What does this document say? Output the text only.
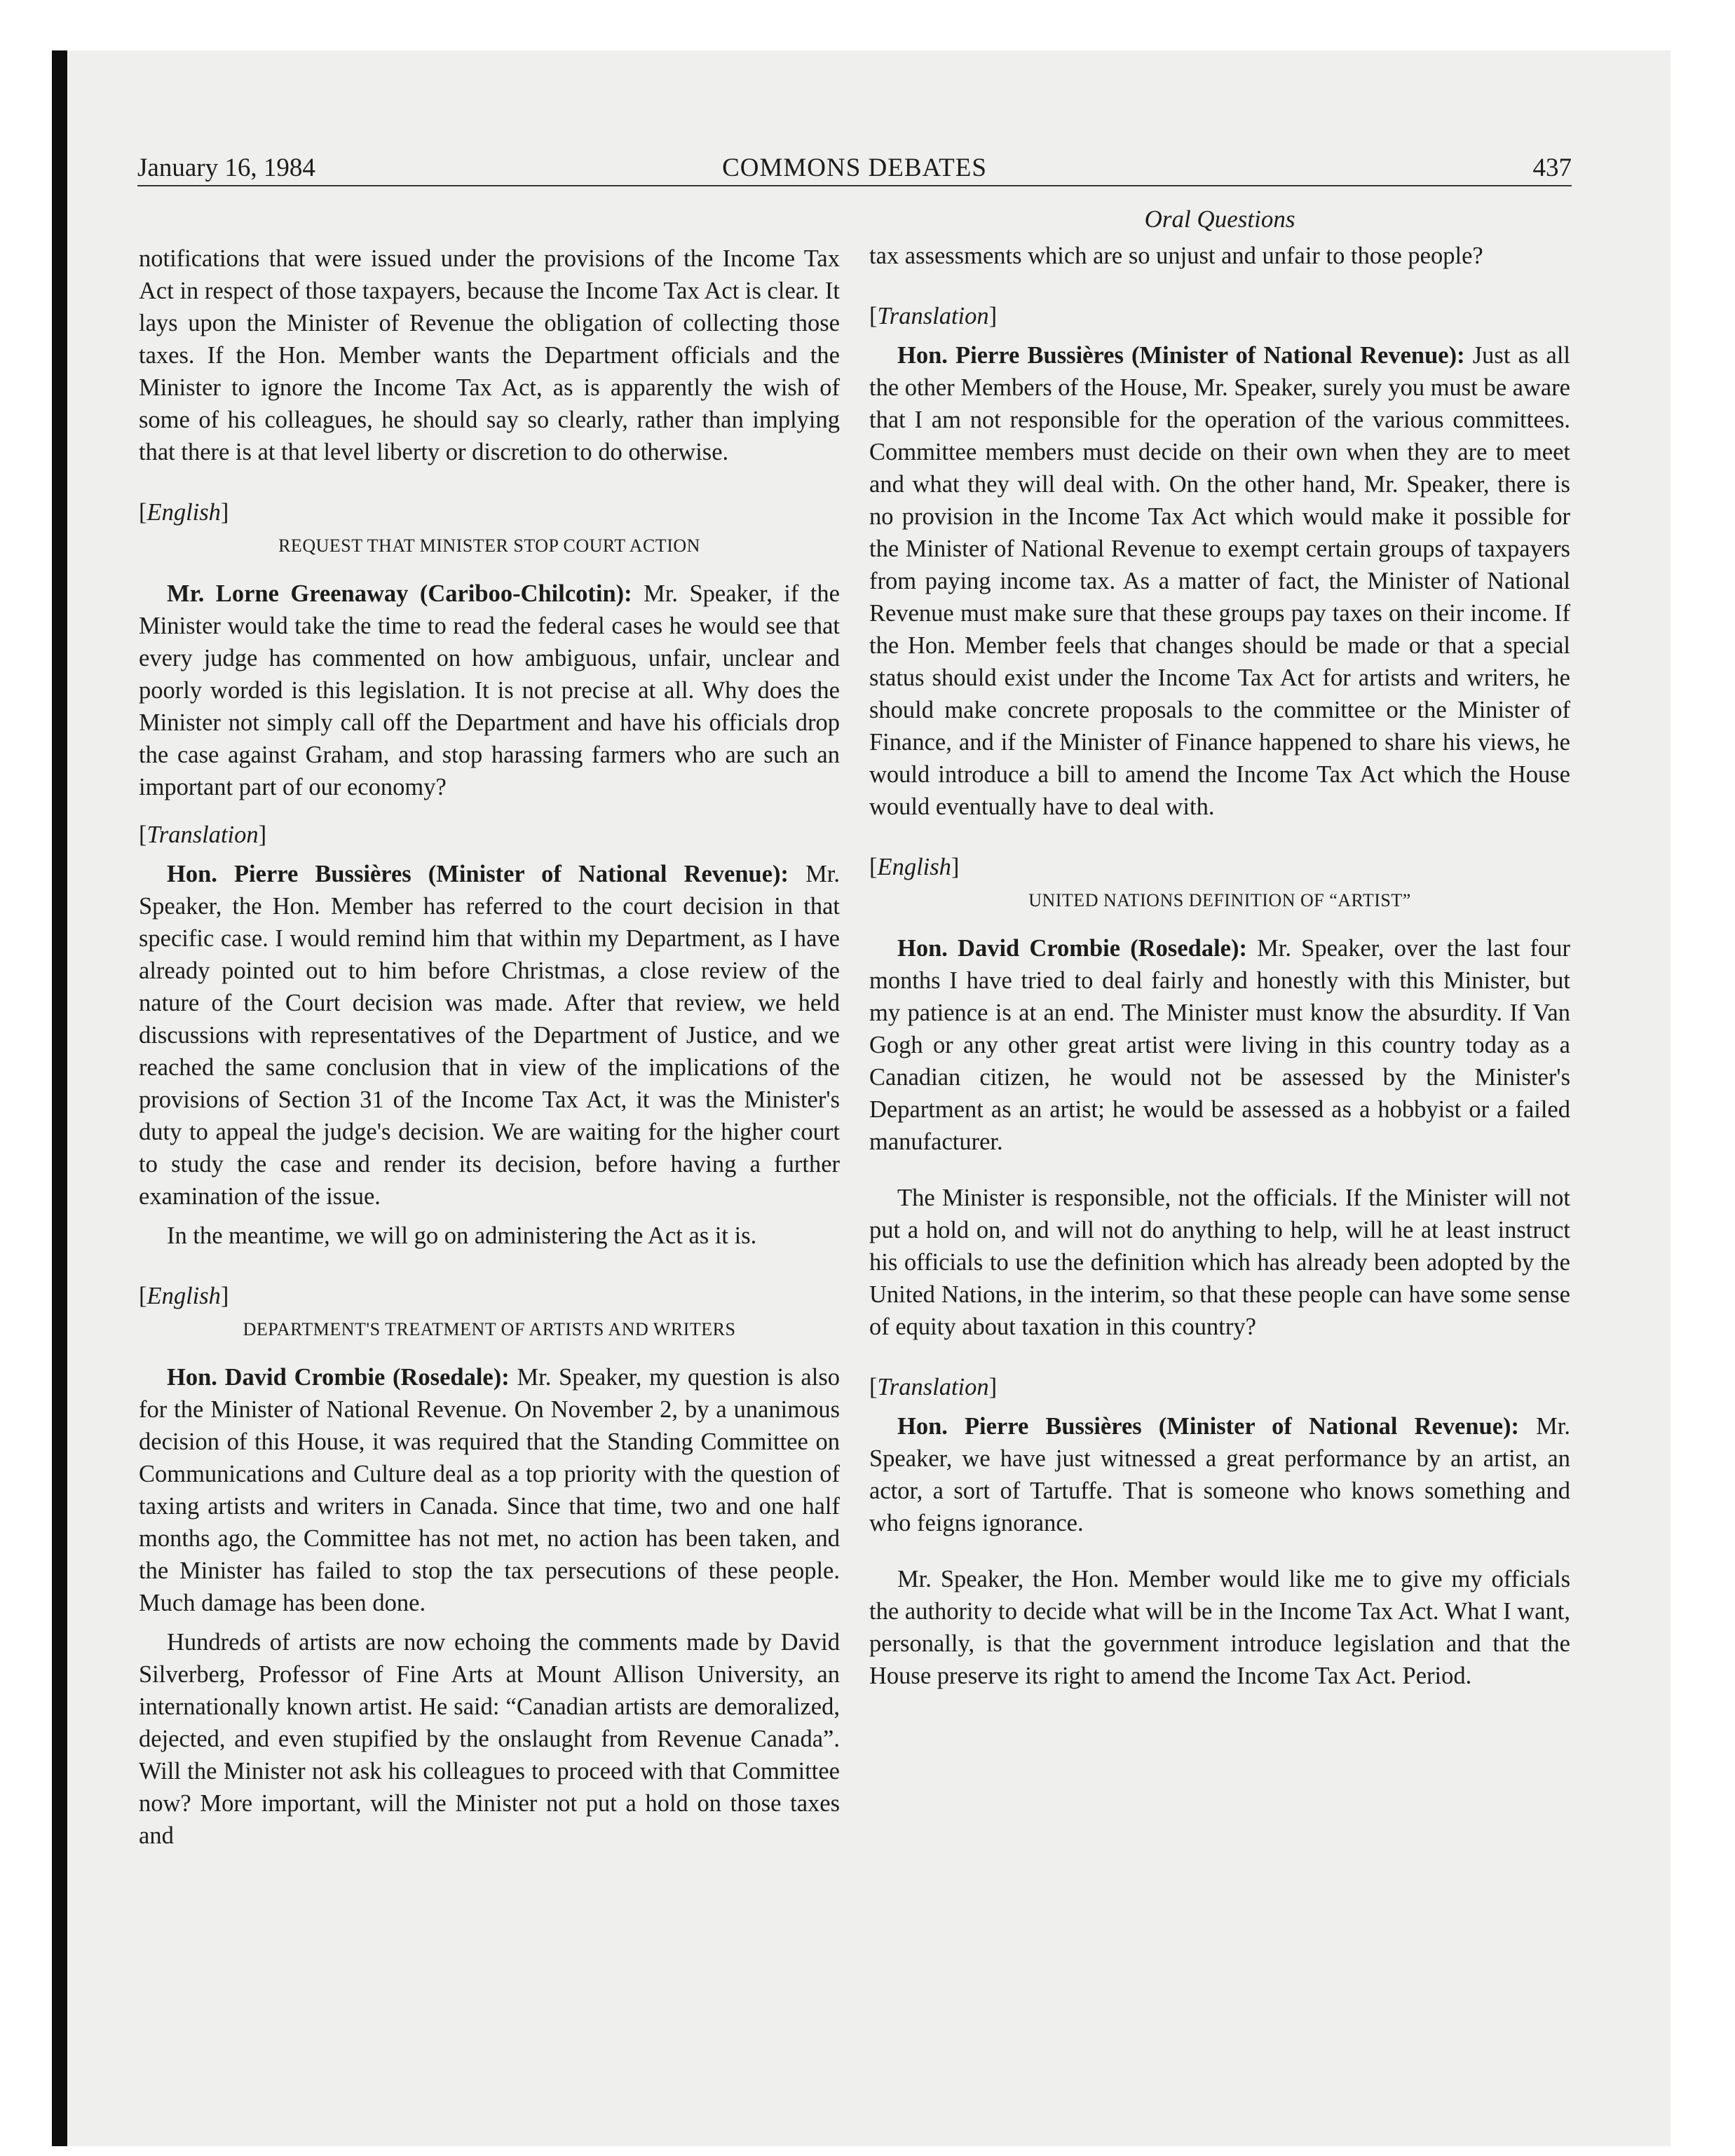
January 16, 1984	COMMONS DEBATES	437

notifications that were issued under the provisions of the Income Tax Act in respect of those taxpayers, because the Income Tax Act is clear. It lays upon the Minister of Revenue the obligation of collecting those taxes. If the Hon. Member wants the Department officials and the Minister to ignore the Income Tax Act, as is apparently the wish of some of his colleagues, he should say so clearly, rather than implying that there is at that level liberty or discretion to do otherwise.

[English]
REQUEST THAT MINISTER STOP COURT ACTION

Mr. Lorne Greenaway (Cariboo-Chilcotin): Mr. Speaker, if the Minister would take the time to read the federal cases he would see that every judge has commented on how ambiguous, unfair, unclear and poorly worded is this legislation. It is not precise at all. Why does the Minister not simply call off the Department and have his officials drop the case against Graham, and stop harassing farmers who are such an important part of our economy?

[Translation]

Hon. Pierre Bussières (Minister of National Revenue): Mr. Speaker, the Hon. Member has referred to the court decision in that specific case. I would remind him that within my Department, as I have already pointed out to him before Christmas, a close review of the nature of the Court decision was made. After that review, we held discussions with representatives of the Department of Justice, and we reached the same conclusion that in view of the implications of the provisions of Section 31 of the Income Tax Act, it was the Minister's duty to appeal the judge's decision. We are waiting for the higher court to study the case and render its decision, before having a further examination of the issue.

In the meantime, we will go on administering the Act as it is.

[English]
DEPARTMENT'S TREATMENT OF ARTISTS AND WRITERS

Hon. David Crombie (Rosedale): Mr. Speaker, my question is also for the Minister of National Revenue. On November 2, by a unanimous decision of this House, it was required that the Standing Committee on Communications and Culture deal as a top priority with the question of taxing artists and writers in Canada. Since that time, two and one half months ago, the Committee has not met, no action has been taken, and the Minister has failed to stop the tax persecutions of these people. Much damage has been done.

Hundreds of artists are now echoing the comments made by David Silverberg, Professor of Fine Arts at Mount Allison University, an internationally known artist. He said: “Canadian artists are demoralized, dejected, and even stupified by the onslaught from Revenue Canada”. Will the Minister not ask his colleagues to proceed with that Committee now? More important, will the Minister not put a hold on those taxes and

Oral Questions

tax assessments which are so unjust and unfair to those people?

[Translation]

Hon. Pierre Bussières (Minister of National Revenue): Just as all the other Members of the House, Mr. Speaker, surely you must be aware that I am not responsible for the operation of the various committees. Committee members must decide on their own when they are to meet and what they will deal with. On the other hand, Mr. Speaker, there is no provision in the Income Tax Act which would make it possible for the Minister of National Revenue to exempt certain groups of taxpayers from paying income tax. As a matter of fact, the Minister of National Revenue must make sure that these groups pay taxes on their income. If the Hon. Member feels that changes should be made or that a special status should exist under the Income Tax Act for artists and writers, he should make concrete proposals to the committee or the Minister of Finance, and if the Minister of Finance happened to share his views, he would introduce a bill to amend the Income Tax Act which the House would eventually have to deal with.

[English]
UNITED NATIONS DEFINITION OF “ARTIST”

Hon. David Crombie (Rosedale): Mr. Speaker, over the last four months I have tried to deal fairly and honestly with this Minister, but my patience is at an end. The Minister must know the absurdity. If Van Gogh or any other great artist were living in this country today as a Canadian citizen, he would not be assessed by the Minister's Department as an artist; he would be assessed as a hobbyist or a failed manufacturer.

The Minister is responsible, not the officials. If the Minister will not put a hold on, and will not do anything to help, will he at least instruct his officials to use the definition which has already been adopted by the United Nations, in the interim, so that these people can have some sense of equity about taxation in this country?

[Translation]

Hon. Pierre Bussières (Minister of National Revenue): Mr. Speaker, we have just witnessed a great performance by an artist, an actor, a sort of Tartuffe. That is someone who knows something and who feigns ignorance.

Mr. Speaker, the Hon. Member would like me to give my officials the authority to decide what will be in the Income Tax Act. What I want, personally, is that the government introduce legislation and that the House preserve its right to amend the Income Tax Act. Period.
